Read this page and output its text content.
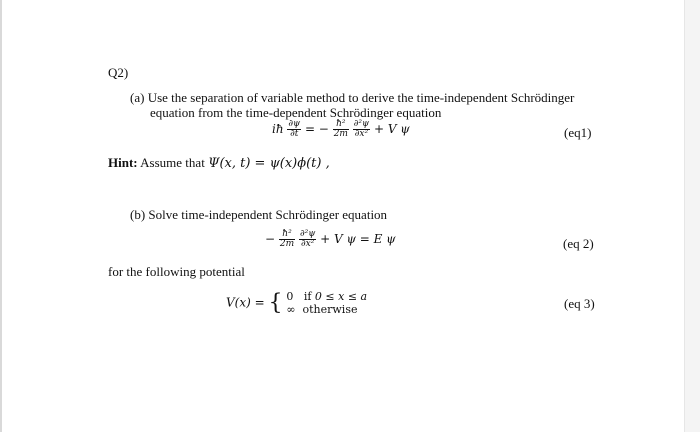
Q2)
(a) Use the separation of variable method to derive the time-independent Schrödinger
equation from the time-dependent Schrödinger equation
iħ $\frac{\partial\psi}{\partial t}$ = − $\frac{\text{ħ²}}{2m}$
$\frac{\text{∂²ψ}}{\text{∂x²}} + V$ ψ	(eq1)
Hint: Assume that Ψ(x, t) = ψ(x)ϕ(t) ,
(b) Solve time-independent Schrödinger equation
− $\frac{\text{ħ²}}{2m}$
$\frac{\text{∂²ψ}}{\text{∂x²}} + V$ ψ = E ψ	(eq 2)
for the following potential
V(x) = { 0 if 0 ≤ x ≤ a
∞ otherwise	(eq 3)
